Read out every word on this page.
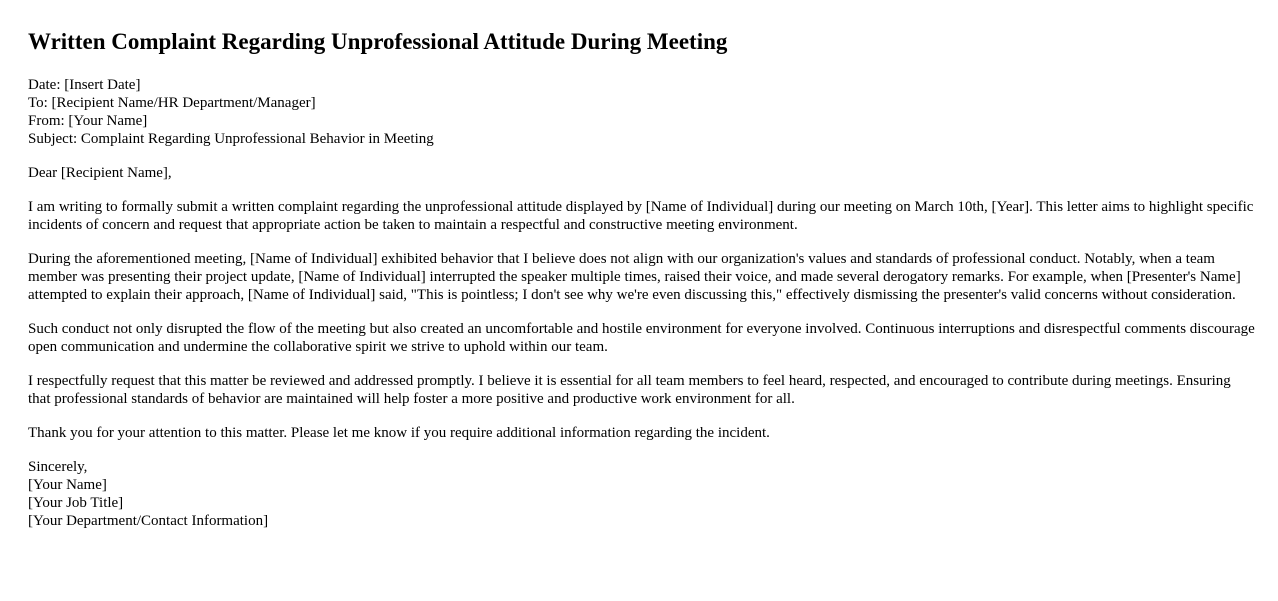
Written Complaint Regarding Unprofessional Attitude During Meeting
Date: [Insert Date]
To: [Recipient Name/HR Department/Manager]
From: [Your Name]
Subject: Complaint Regarding Unprofessional Behavior in Meeting

Dear [Recipient Name],

I am writing to formally submit a written complaint regarding the unprofessional attitude displayed by [Name of Individual] during our meeting on March 10th, [Year]. This letter aims to highlight specific incidents of concern and request that appropriate action be taken to maintain a respectful and constructive meeting environment.

During the aforementioned meeting, [Name of Individual] exhibited behavior that I believe does not align with our organization's values and standards of professional conduct. Notably, when a team member was presenting their project update, [Name of Individual] interrupted the speaker multiple times, raised their voice, and made several derogatory remarks. For example, when [Presenter's Name] attempted to explain their approach, [Name of Individual] said, "This is pointless; I don't see why we're even discussing this," effectively dismissing the presenter's valid concerns without consideration.

Such conduct not only disrupted the flow of the meeting but also created an uncomfortable and hostile environment for everyone involved. Continuous interruptions and disrespectful comments discourage open communication and undermine the collaborative spirit we strive to uphold within our team.

I respectfully request that this matter be reviewed and addressed promptly. I believe it is essential for all team members to feel heard, respected, and encouraged to contribute during meetings. Ensuring that professional standards of behavior are maintained will help foster a more positive and productive work environment for all.

Thank you for your attention to this matter. Please let me know if you require additional information regarding the incident.

Sincerely,
[Your Name]
[Your Job Title]
[Your Department/Contact Information]
